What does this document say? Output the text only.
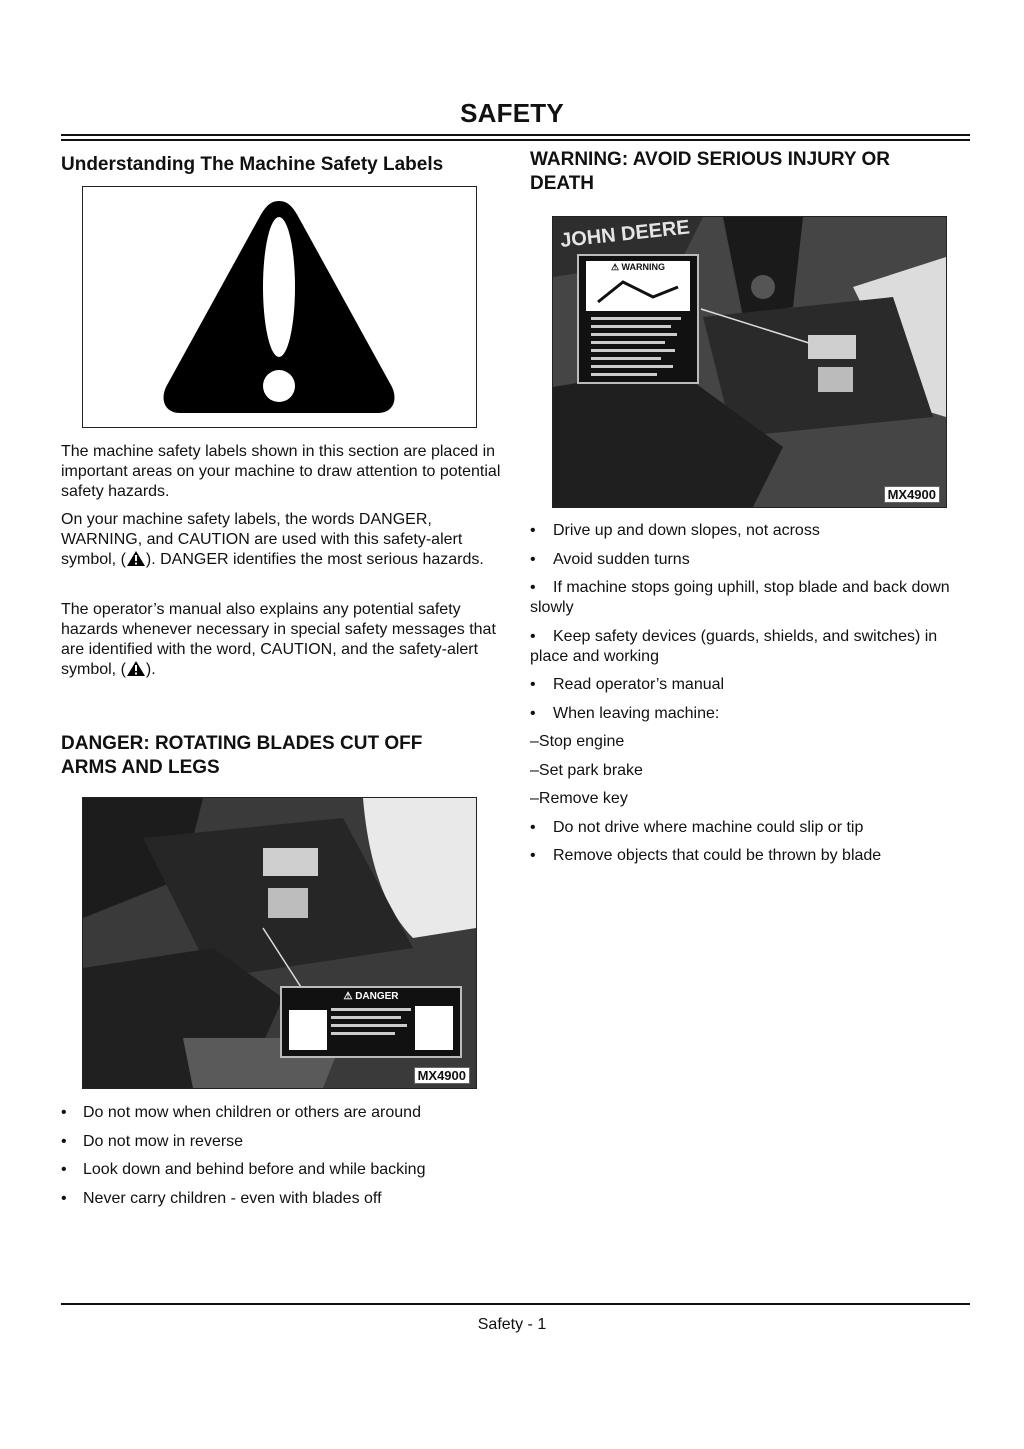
SAFETY
Understanding The Machine Safety Labels

The machine safety labels shown in this section are placed in important areas on your machine to draw attention to potential safety hazards.

On your machine safety labels, the words DANGER, WARNING, and CAUTION are used with this safety-alert symbol, ( ). DANGER identifies the most serious hazards.

The operator’s manual also explains any potential safety hazards whenever necessary in special safety messages that are identified with the word, CAUTION, and the safety-alert symbol, ( ).

DANGER: ROTATING BLADES CUT OFF ARMS AND LEGS
⚠ DANGER
MX4900
• Do not mow when children or others are around
• Do not mow in reverse
• Look down and behind before and while backing
• Never carry children - even with blades off
WARNING: AVOID SERIOUS INJURY OR DEATH
JOHN DEERE
⚠ WARNING
MX4900
• Drive up and down slopes, not across
• Avoid sudden turns
• If machine stops going uphill, stop blade and back down slowly
• Keep safety devices (guards, shields, and switches) in place and working
• Read operator’s manual
• When leaving machine:
–Stop engine
–Set park brake
–Remove key
• Do not drive where machine could slip or tip
• Remove objects that could be thrown by blade
Safety - 1
